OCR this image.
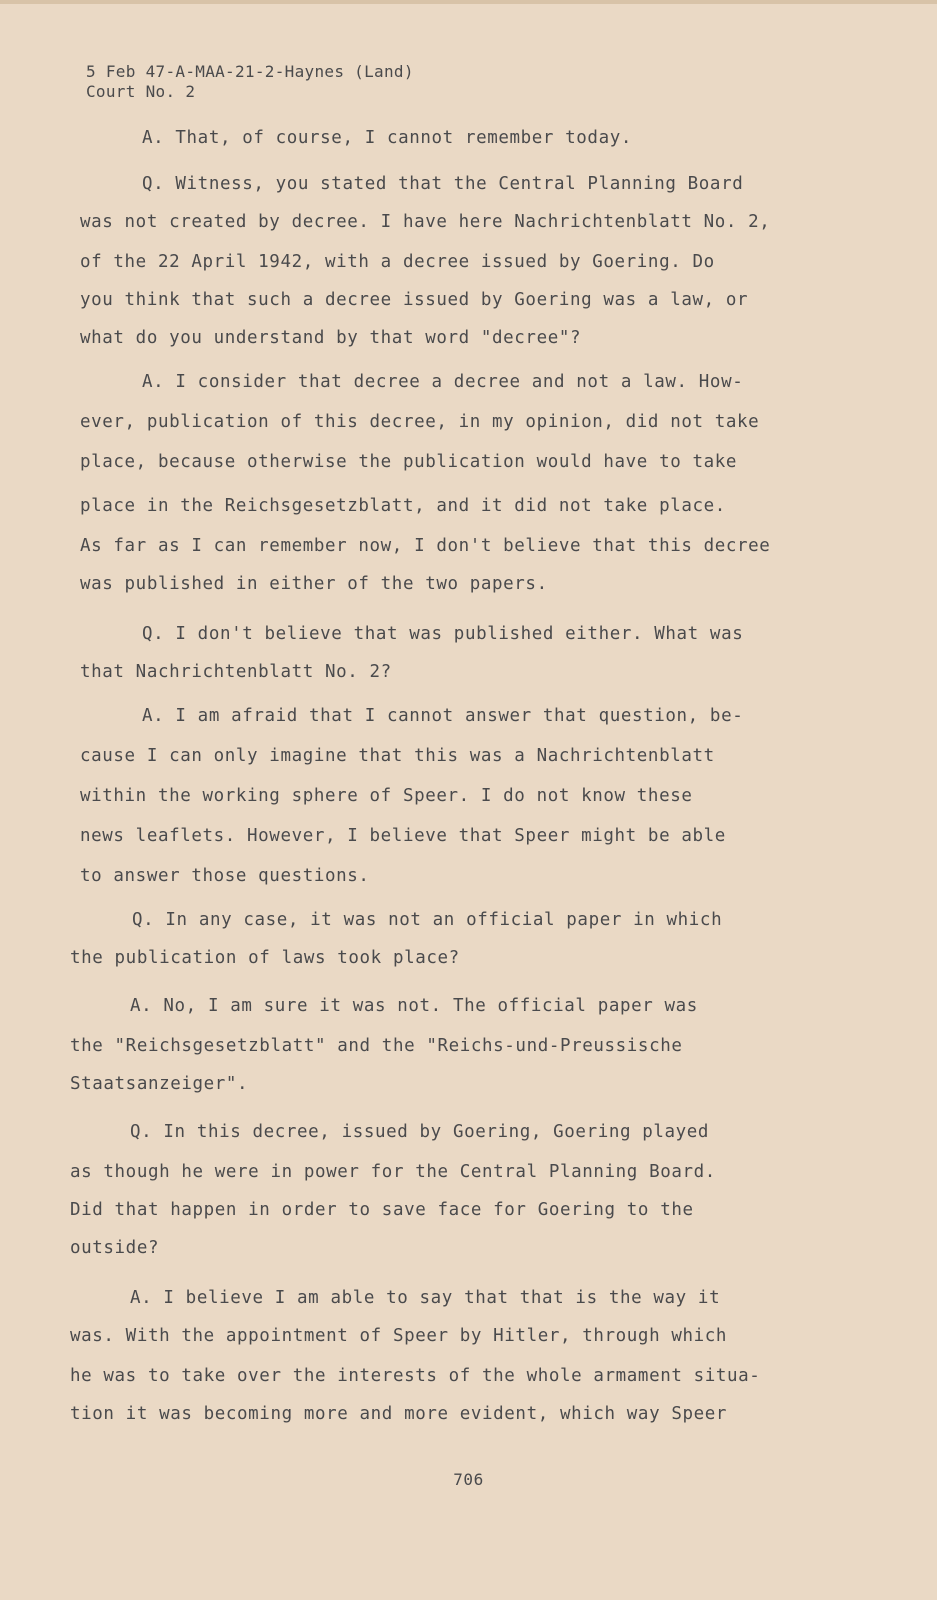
5 Feb 47-A-MAA-21-2-Haynes (Land)
Court No. 2
A. That, of course, I cannot remember today.
Q. Witness, you stated that the Central Planning Board
was not created by decree. I have here Nachrichtenblatt No. 2,
of the 22 April 1942, with a decree issued by Goering. Do
you think that such a decree issued by Goering was a law, or
what do you understand by that word "decree"?
A. I consider that decree a decree and not a law. How-
ever, publication of this decree, in my opinion, did not take
place, because otherwise the publication would have to take
place in the Reichsgesetzblatt, and it did not take place.
As far as I can remember now, I don't believe that this decree
was published in either of the two papers.
Q. I don't believe that was published either. What was
that Nachrichtenblatt No. 2?
A. I am afraid that I cannot answer that question, be-
cause I can only imagine that this was a Nachrichtenblatt
within the working sphere of Speer. I do not know these
news leaflets. However, I believe that Speer might be able
to answer those questions.
Q. In any case, it was not an official paper in which
the publication of laws took place?
A. No, I am sure it was not. The official paper was
the "Reichsgesetzblatt" and the "Reichs-und-Preussische
Staatsanzeiger".
Q. In this decree, issued by Goering, Goering played
as though he were in power for the Central Planning Board.
Did that happen in order to save face for Goering to the
outside?
A. I believe I am able to say that that is the way it
was. With the appointment of Speer by Hitler, through which
he was to take over the interests of the whole armament situa-
tion it was becoming more and more evident, which way Speer
706
